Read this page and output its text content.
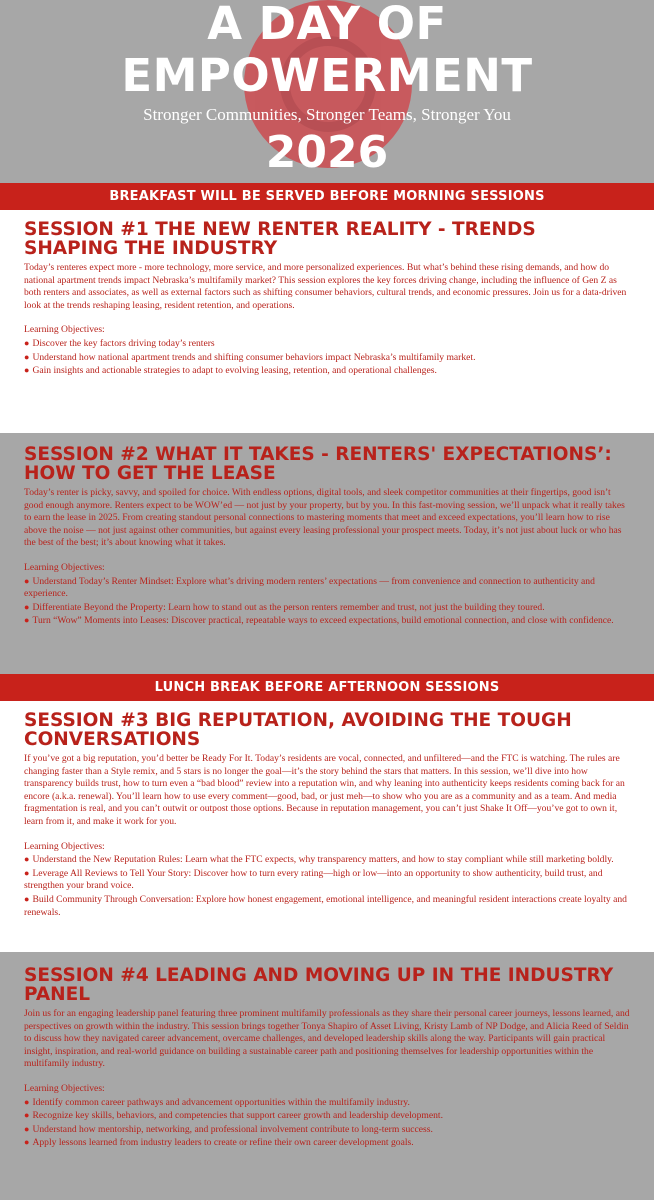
A DAY OF
EMPOWERMENT

Stronger Communities, Stronger Teams, Stronger You

2026

BREAKFAST WILL BE SERVED BEFORE MORNING SESSIONS
SESSION #1 THE NEW RENTER REALITY - TRENDS SHAPING THE INDUSTRY

Today’s renteres expect more - more technology, more service, and more personalized experiences. But what’s behind these rising demands, and how do national apartment trends impact Nebraska’s multifamily market? This session explores the key forces driving change, including the influence of Gen Z as both renters and associates, as well as external factors such as shifting consumer behaviors, cultural trends, and economic pressures. Join us for a data-driven look at the trends reshaping leasing, resident retention, and operations.

Learning Objectives:

● Discover the key factors driving today’s renters
● Understand how national apartment trends and shifting consumer behaviors impact Nebraska’s multifamily market.
● Gain insights and actionable strategies to adapt to evolving leasing, retention, and operational challenges.
SESSION #2 WHAT IT TAKES - RENTERS' EXPECTATIONS’: HOW TO GET THE LEASE

Today’s renter is picky, savvy, and spoiled for choice. With endless options, digital tools, and sleek competitor communities at their fingertips, good isn’t good enough anymore. Renters expect to be WOW’ed — not just by your property, but by you. In this fast-moving session, we’ll unpack what it really takes to earn the lease in 2025. From creating standout personal connections to mastering moments that meet and exceed expectations, you’ll learn how to rise above the noise — not just against other communities, but against every leasing professional your prospect meets. Today, it’s not just about luck or who has the best of the best; it’s about knowing what it takes.

Learning Objectives:

● Understand Today’s Renter Mindset: Explore what’s driving modern renters’ expectations — from convenience and connection to authenticity and experience.
● Differentiate Beyond the Property: Learn how to stand out as the person renters remember and trust, not just the building they toured.
● Turn “Wow” Moments into Leases: Discover practical, repeatable ways to exceed expectations, build emotional connection, and close with confidence.
LUNCH BREAK BEFORE AFTERNOON SESSIONS
SESSION #3 BIG REPUTATION, AVOIDING THE TOUGH CONVERSATIONS

If you’ve got a big reputation, you’d better be Ready For It. Today’s residents are vocal, connected, and unfiltered—and the FTC is watching. The rules are changing faster than a Style remix, and 5 stars is no longer the goal—it’s the story behind the stars that matters. In this session, we’ll dive into how transparency builds trust, how to turn even a “bad blood” review into a reputation win, and why leaning into authenticity keeps residents coming back for an encore (a.k.a. renewal). You’ll learn how to use every comment—good, bad, or just meh—to show who you are as a community and as a team. And media fragmentation is real, and you can’t outwit or outpost those options. Because in reputation management, you can’t just Shake It Off—you’ve got to own it, learn from it, and make it work for you.

Learning Objectives:

● Understand the New Reputation Rules: Learn what the FTC expects, why transparency matters, and how to stay compliant while still marketing boldly.
● Leverage All Reviews to Tell Your Story: Discover how to turn every rating—high or low—into an opportunity to show authenticity, build trust, and strengthen your brand voice.
● Build Community Through Conversation: Explore how honest engagement, emotional intelligence, and meaningful resident interactions create loyalty and renewals.
SESSION #4 LEADING AND MOVING UP IN THE INDUSTRY PANEL

Join us for an engaging leadership panel featuring three prominent multifamily professionals as they share their personal career journeys, lessons learned, and perspectives on growth within the industry. This session brings together Tonya Shapiro of Asset Living, Kristy Lamb of NP Dodge, and Alicia Reed of Seldin to discuss how they navigated career advancement, overcame challenges, and developed leadership skills along the way. Participants will gain practical insight, inspiration, and real-world guidance on building a sustainable career path and positioning themselves for leadership opportunities within the multifamily industry.

Learning Objectives:

● Identify common career pathways and advancement opportunities within the multifamily industry.
● Recognize key skills, behaviors, and competencies that support career growth and leadership development.
● Understand how mentorship, networking, and professional involvement contribute to long-term success.
● Apply lessons learned from industry leaders to create or refine their own career development goals.
